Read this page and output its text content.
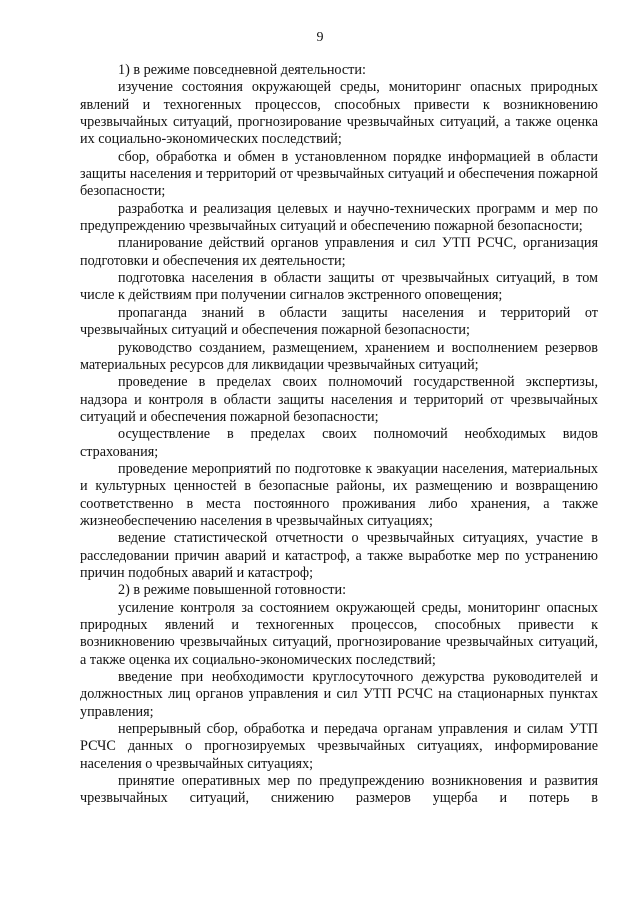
9

1) в режиме повседневной деятельности:

изучение состояния окружающей среды, мониторинг опасных природных явлений и техногенных процессов, способных привести к возникновению чрезвычайных ситуаций, прогнозирование чрезвычайных ситуаций, а также оценка их социально-экономических последствий;

сбор, обработка и обмен в установленном порядке информацией в области защиты населения и территорий от чрезвычайных ситуаций и обеспечения пожарной безопасности;

разработка и реализация целевых и научно-технических программ и мер по предупреждению чрезвычайных ситуаций и обеспечению пожарной безопасности;

планирование действий органов управления и сил УТП РСЧС, организация подготовки и обеспечения их деятельности;

подготовка населения в области защиты от чрезвычайных ситуаций, в том числе к действиям при получении сигналов экстренного оповещения;

пропаганда знаний в области защиты населения и территорий от чрезвычайных ситуаций и обеспечения пожарной безопасности;

руководство созданием, размещением, хранением и восполнением резервов материальных ресурсов для ликвидации чрезвычайных ситуаций;

проведение в пределах своих полномочий государственной экспертизы, надзора и контроля в области защиты населения и территорий от чрезвычайных ситуаций и обеспечения пожарной безопасности;

осуществление в пределах своих полномочий необходимых видов страхования;

проведение мероприятий по подготовке к эвакуации населения, материальных и культурных ценностей в безопасные районы, их размещению и возвращению соответственно в места постоянного проживания либо хранения, а также жизнеобеспечению населения в чрезвычайных ситуациях;

ведение статистической отчетности о чрезвычайных ситуациях, участие в расследовании причин аварий и катастроф, а также выработке мер по устранению причин подобных аварий и катастроф;

2) в режиме повышенной готовности:

усиление контроля за состоянием окружающей среды, мониторинг опасных природных явлений и техногенных процессов, способных привести к возникновению чрезвычайных ситуаций, прогнозирование чрезвычайных ситуаций, а также оценка их социально-экономических последствий;

введение при необходимости круглосуточного дежурства руководителей и должностных лиц органов управления и сил УТП РСЧС на стационарных пунктах управления;

непрерывный сбор, обработка и передача органам управления и силам УТП РСЧС данных о прогнозируемых чрезвычайных ситуациях, информирование населения о чрезвычайных ситуациях;

принятие оперативных мер по предупреждению возникновения и развития чрезвычайных ситуаций, снижению размеров ущерба и потерь в
